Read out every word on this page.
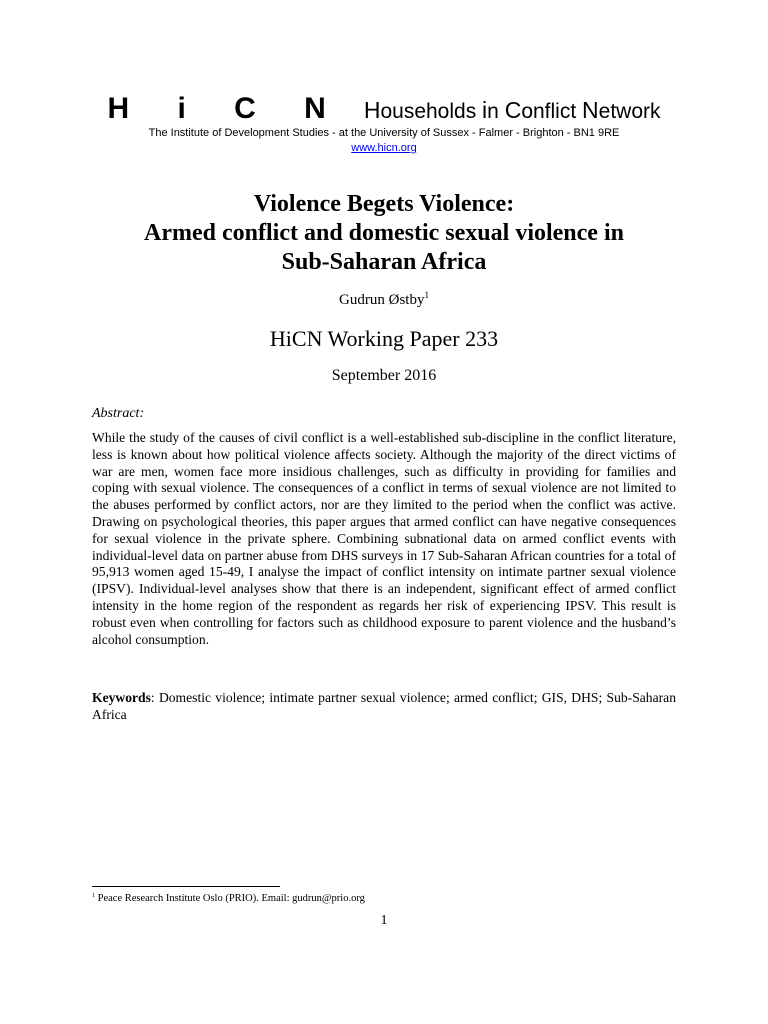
H i C N Households in Conflict Network
The Institute of Development Studies - at the University of Sussex - Falmer - Brighton - BN1 9RE
www.hicn.org
Violence Begets Violence:
Armed conflict and domestic sexual violence in
Sub-Saharan Africa
Gudrun Østby$^1$
HiCN Working Paper 233
September 2016
Abstract:

While the study of the causes of civil conflict is a well-established sub-discipline in the conflict literature, less is known about how political violence affects society. Although the majority of the direct victims of war are men, women face more insidious challenges, such as difficulty in providing for families and coping with sexual violence. The consequences of a conflict in terms of sexual violence are not limited to the abuses performed by conflict actors, nor are they limited to the period when the conflict was active. Drawing on psychological theories, this paper argues that armed conflict can have negative consequences for sexual violence in the private sphere. Combining subnational data on armed conflict events with individual-level data on partner abuse from DHS surveys in 17 Sub-Saharan African countries for a total of 95,913 women aged 15-49, I analyse the impact of conflict intensity on intimate partner sexual violence (IPSV). Individual-level analyses show that there is an independent, significant effect of armed conflict intensity in the home region of the respondent as regards her risk of experiencing IPSV. This result is robust even when controlling for factors such as childhood exposure to parent violence and the husband’s alcohol consumption.

Keywords: Domestic violence; intimate partner sexual violence; armed conflict; GIS, DHS; Sub-Saharan Africa
$^1$ Peace Research Institute Oslo (PRIO). Email: gudrun@prio.org
1
